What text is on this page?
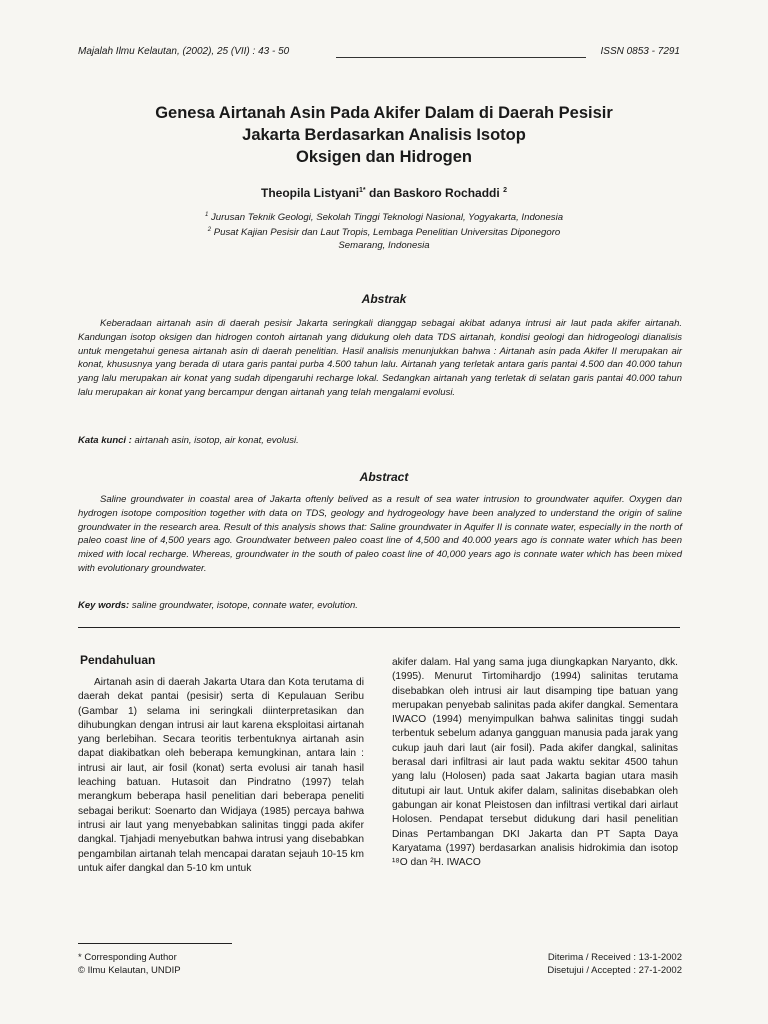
Majalah Ilmu Kelautan, (2002), 25 (VII) : 43 - 50	ISSN 0853 - 7291
Genesa Airtanah Asin Pada Akifer Dalam di Daerah Pesisir
Jakarta Berdasarkan Analisis Isotop
Oksigen dan Hidrogen
Theopila Listyani$^{1*}$ dan Baskoro Rochaddi $^2$
$^1$ Jurusan Teknik Geologi, Sekolah Tinggi Teknologi Nasional, Yogyakarta, Indonesia
$^2$ Pusat Kajian Pesisir dan Laut Tropis, Lembaga Penelitian Universitas Diponegoro
Semarang, Indonesia
Abstrak

Keberadaan airtanah asin di daerah pesisir Jakarta seringkali dianggap sebagai akibat adanya intrusi air laut pada akifer airtanah. Kandungan isotop oksigen dan hidrogen contoh airtanah yang didukung oleh data TDS airtanah, kondisi geologi dan hidrogeologi dianalisis untuk mengetahui genesa airtanah asin di daerah penelitian. Hasil analisis menunjukkan bahwa : Airtanah asin pada Akifer II merupakan air konat, khususnya yang berada di utara garis pantai purba 4.500 tahun lalu. Airtanah yang terletak antara garis pantai 4.500 dan 40.000 tahun yang lalu merupakan air konat yang sudah dipengaruhi recharge lokal. Sedangkan airtanah yang terletak di selatan garis pantai 40.000 tahun lalu merupakan air konat yang bercampur dengan airtanah yang telah mengalami evolusi.

Kata kunci : airtanah asin, isotop, air konat, evolusi.
Abstract

Saline groundwater in coastal area of Jakarta oftenly belived as a result of sea water intrusion to groundwater aquifer. Oxygen dan hydrogen isotope composition together with data on TDS, geology and hydrogeology have been analyzed to understand the origin of saline groundwater in the research area. Result of this analysis shows that: Saline groundwater in Aquifer II is connate water, especially in the north of paleo coast line of 4,500 years ago. Groundwater between paleo coast line of 4,500 and 40.000 years ago is connate water which has been mixed with local recharge. Whereas, groundwater in the south of paleo coast line of 40,000 years ago is connate water which has been mixed with evolutionary groundwater.

Key words: saline groundwater, isotope, connate water, evolution.
Pendahuluan

Airtanah asin di daerah Jakarta Utara dan Kota terutama di daerah dekat pantai (pesisir) serta di Kepulauan Seribu (Gambar 1) selama ini seringkali diinterpretasikan dan dihubungkan dengan intrusi air laut karena eksploitasi airtanah yang berlebihan. Secara teoritis terbentuknya airtanah asin dapat diakibatkan oleh beberapa kemungkinan, antara lain : intrusi air laut, air fosil (konat) serta evolusi air tanah hasil leaching batuan. Hutasoit dan Pindratno (1997) telah merangkum beberapa hasil penelitian dari beberapa peneliti sebagai berikut: Soenarto dan Widjaya (1985) percaya bahwa intrusi air laut yang menyebabkan salinitas tinggi pada akifer dangkal. Tjahjadi menyebutkan bahwa intrusi yang disebabkan pengambilan airtanah telah mencapai daratan sejauh 10-15 km untuk aifer dangkal dan 5-10 km untuk

akifer dalam. Hal yang sama juga diungkapkan Naryanto, dkk. (1995). Menurut Tirtomihardjo (1994) salinitas terutama disebabkan oleh intrusi air laut disamping tipe batuan yang merupakan penyebab salinitas pada akifer dangkal. Sementara IWACO (1994) menyimpulkan bahwa salinitas tinggi sudah terbentuk sebelum adanya gangguan manusia pada jarak yang cukup jauh dari laut (air fosil). Pada akifer dangkal, salinitas berasal dari infiltrasi air laut pada waktu sekitar 4500 tahun yang lalu (Holosen) pada saat Jakarta bagian utara masih ditutupi air laut. Untuk akifer dalam, salinitas disebabkan oleh gabungan air konat Pleistosen dan infiltrasi vertikal dari airlaut Holosen. Pendapat tersebut didukung dari hasil penelitian Dinas Pertambangan DKI Jakarta dan PT Sapta Daya Karyatama (1997) berdasarkan analisis hidrokimia dan isotop ¹⁸O dan ²H. IWACO

* Corresponding Author
© Ilmu Kelautan, UNDIP
Diterima / Received : 13-1-2002
Disetujui / Accepted : 27-1-2002
